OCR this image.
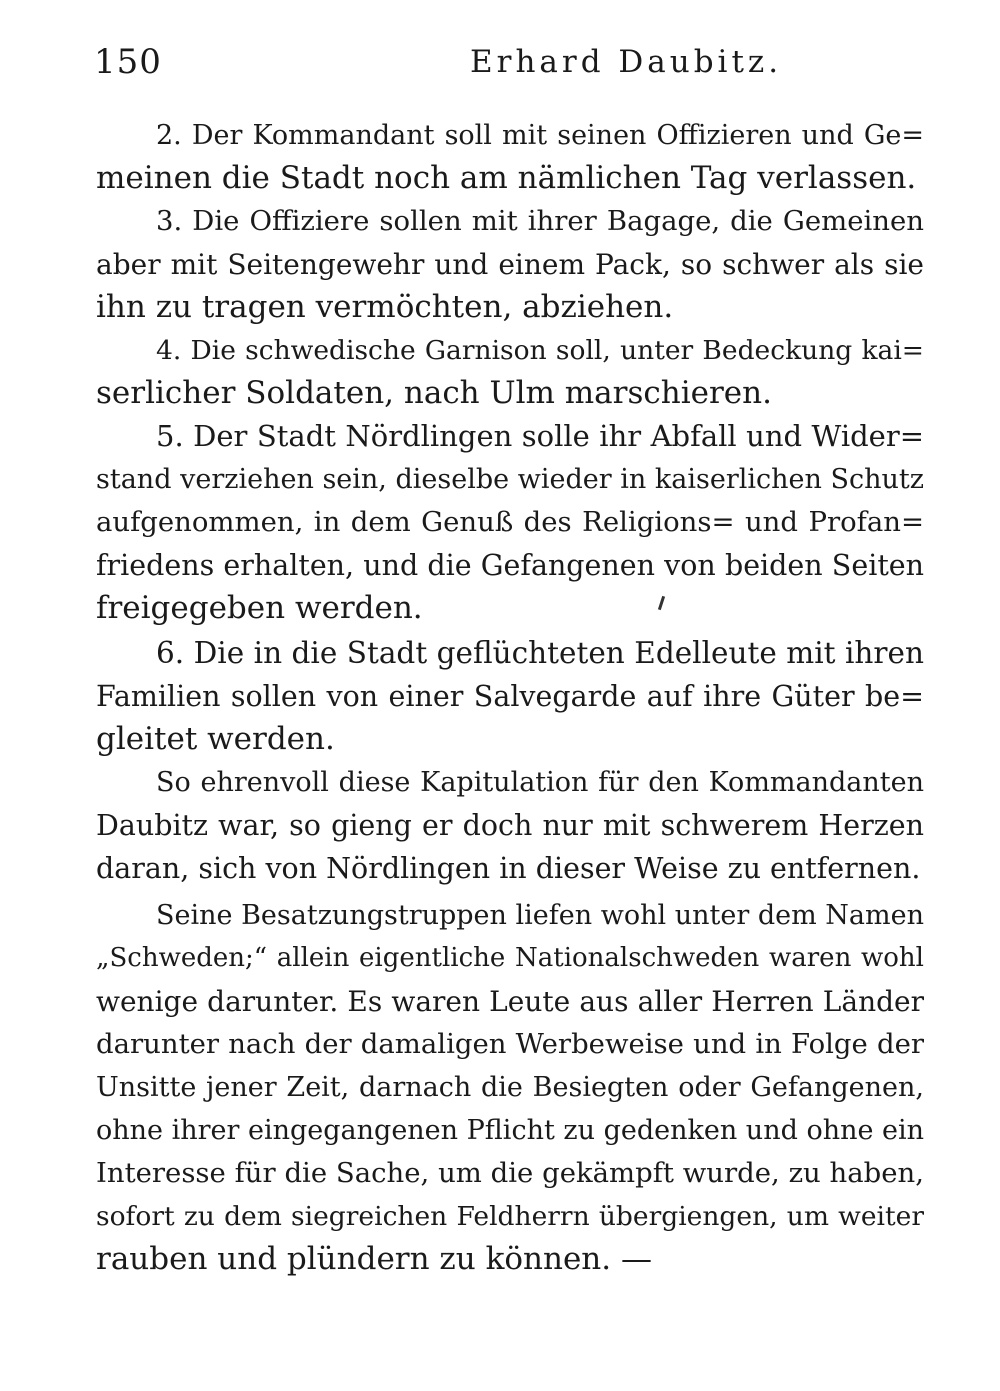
150	Erhard Daubitz.
2. Der Kommandant soll mit seinen Offizieren und Ge=
meinen die Stadt noch am nämlichen Tag verlassen.
3. Die Offiziere sollen mit ihrer Bagage, die Gemeinen
aber mit Seitengewehr und einem Pack, so schwer als sie
ihn zu tragen vermöchten, abziehen.
4. Die schwedische Garnison soll, unter Bedeckung kai=
serlicher Soldaten, nach Ulm marschieren.
5. Der Stadt Nördlingen solle ihr Abfall und Wider=
stand verziehen sein, dieselbe wieder in kaiserlichen Schutz
aufgenommen, in dem Genuß des Religions= und Profan=
friedens erhalten, und die Gefangenen von beiden Seiten
freigegeben werden.
6. Die in die Stadt geflüchteten Edelleute mit ihren
Familien sollen von einer Salvegarde auf ihre Güter be=
gleitet werden.
So ehrenvoll diese Kapitulation für den Kommandanten
Daubitz war, so gieng er doch nur mit schwerem Herzen
daran, sich von Nördlingen in dieser Weise zu entfernen.
Seine Besatzungstruppen liefen wohl unter dem Namen
„Schweden;“ allein eigentliche Nationalschweden waren wohl
wenige darunter. Es waren Leute aus aller Herren Länder
darunter nach der damaligen Werbeweise und in Folge der
Unsitte jener Zeit, darnach die Besiegten oder Gefangenen,
ohne ihrer eingegangenen Pflicht zu gedenken und ohne ein
Interesse für die Sache, um die gekämpft wurde, zu haben,
sofort zu dem siegreichen Feldherrn übergiengen, um weiter
rauben und plündern zu können. —
